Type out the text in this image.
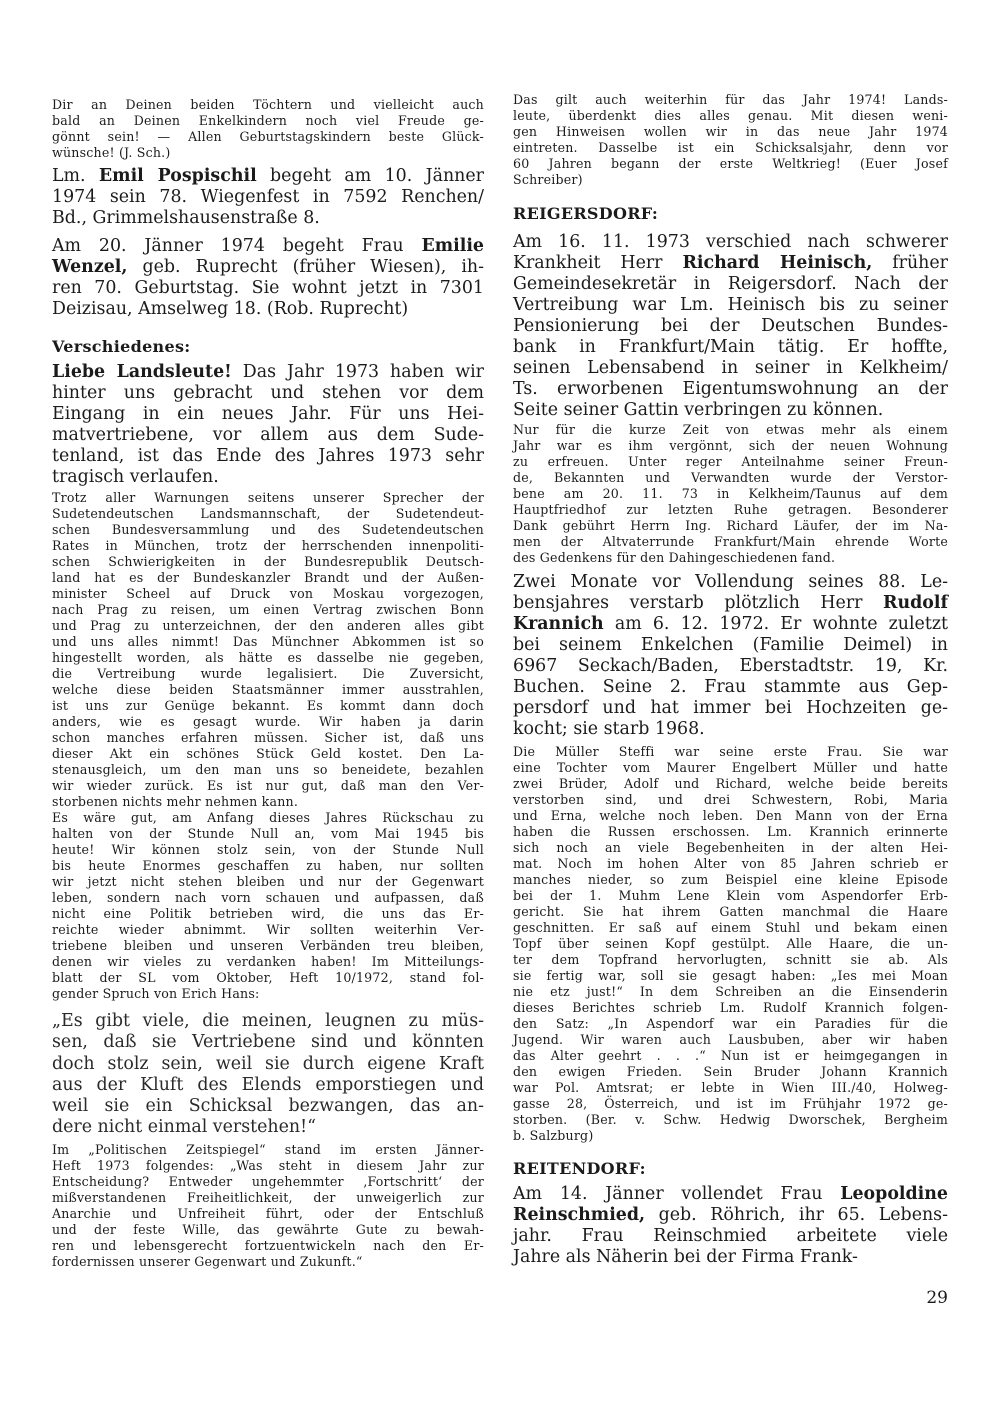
Dir an Deinen beiden Töchtern und vielleicht auch
bald an Deinen Enkelkindern noch viel Freude ge-
gönnt sein! — Allen Geburtstagskindern beste Glück-
wünsche! (J. Sch.)
Lm. Emil Pospischil begeht am 10. Jänner
1974 sein 78. Wiegenfest in 7592 Renchen/
Bd., Grimmelshausenstraße 8.
Am 20. Jänner 1974 begeht Frau Emilie
Wenzel, geb. Ruprecht (früher Wiesen), ih-
ren 70. Geburtstag. Sie wohnt jetzt in 7301
Deizisau, Amselweg 18. (Rob. Ruprecht)
Verschiedenes:
Liebe Landsleute! Das Jahr 1973 haben wir
hinter uns gebracht und stehen vor dem
Eingang in ein neues Jahr. Für uns Hei-
matvertriebene, vor allem aus dem Sude-
tenland, ist das Ende des Jahres 1973 sehr
tragisch verlaufen.
Trotz aller Warnungen seitens unserer Sprecher der
Sudetendeutschen Landsmannschaft, der Sudetendeut-
schen Bundesversammlung und des Sudetendeutschen
Rates in München, trotz der herrschenden innenpoliti-
schen Schwierigkeiten in der Bundesrepublik Deutsch-
land hat es der Bundeskanzler Brandt und der Außen-
minister Scheel auf Druck von Moskau vorgezogen,
nach Prag zu reisen, um einen Vertrag zwischen Bonn
und Prag zu unterzeichnen, der den anderen alles gibt
und uns alles nimmt! Das Münchner Abkommen ist so
hingestellt worden, als hätte es dasselbe nie gegeben,
die Vertreibung wurde legalisiert. Die Zuversicht,
welche diese beiden Staatsmänner immer ausstrahlen,
ist uns zur Genüge bekannt. Es kommt dann doch
anders, wie es gesagt wurde. Wir haben ja darin
schon manches erfahren müssen. Sicher ist, daß uns
dieser Akt ein schönes Stück Geld kostet. Den La-
stenausgleich, um den man uns so beneidete, bezahlen
wir wieder zurück. Es ist nur gut, daß man den Ver-
storbenen nichts mehr nehmen kann.
Es wäre gut, am Anfang dieses Jahres Rückschau zu
halten von der Stunde Null an, vom Mai 1945 bis
heute! Wir können stolz sein, von der Stunde Null
bis heute Enormes geschaffen zu haben, nur sollten
wir jetzt nicht stehen bleiben und nur der Gegenwart
leben, sondern nach vorn schauen und aufpassen, daß
nicht eine Politik betrieben wird, die uns das Er-
reichte wieder abnimmt. Wir sollten weiterhin Ver-
triebene bleiben und unseren Verbänden treu bleiben,
denen wir vieles zu verdanken haben! Im Mitteilungs-
blatt der SL vom Oktober, Heft 10/1972, stand fol-
gender Spruch von Erich Hans:
„Es gibt viele, die meinen, leugnen zu müs-
sen, daß sie Vertriebene sind und könnten
doch stolz sein, weil sie durch eigene Kraft
aus der Kluft des Elends emporstiegen und
weil sie ein Schicksal bezwangen, das an-
dere nicht einmal verstehen!“
Im „Politischen Zeitspiegel“ stand im ersten Jänner-
Heft 1973 folgendes: „Was steht in diesem Jahr zur
Entscheidung? Entweder ungehemmter ‚Fortschritt‘ der
mißverstandenen Freiheitlichkeit, der unweigerlich zur
Anarchie und Unfreiheit führt, oder der Entschluß
und der feste Wille, das gewährte Gute zu bewah-
ren und lebensgerecht fortzuentwickeln nach den Er-
fordernissen unserer Gegenwart und Zukunft.“
Das gilt auch weiterhin für das Jahr 1974! Lands-
leute, überdenkt dies alles genau. Mit diesen weni-
gen Hinweisen wollen wir in das neue Jahr 1974
eintreten. Dasselbe ist ein Schicksalsjahr, denn vor
60 Jahren begann der erste Weltkrieg! (Euer Josef
Schreiber)
REIGERSDORF:
Am 16. 11. 1973 verschied nach schwerer
Krankheit Herr Richard Heinisch, früher
Gemeindesekretär in Reigersdorf. Nach der
Vertreibung war Lm. Heinisch bis zu seiner
Pensionierung bei der Deutschen Bundes-
bank in Frankfurt/Main tätig. Er hoffte,
seinen Lebensabend in seiner in Kelkheim/
Ts. erworbenen Eigentumswohnung an der
Seite seiner Gattin verbringen zu können.
Nur für die kurze Zeit von etwas mehr als einem
Jahr war es ihm vergönnt, sich der neuen Wohnung
zu erfreuen. Unter reger Anteilnahme seiner Freun-
de, Bekannten und Verwandten wurde der Verstor-
bene am 20. 11. 73 in Kelkheim/Taunus auf dem
Hauptfriedhof zur letzten Ruhe getragen. Besonderer
Dank gebührt Herrn Ing. Richard Läufer, der im Na-
men der Altvaterrunde Frankfurt/Main ehrende Worte
des Gedenkens für den Dahingeschiedenen fand.
Zwei Monate vor Vollendung seines 88. Le-
bensjahres verstarb plötzlich Herr Rudolf
Krannich am 6. 12. 1972. Er wohnte zuletzt
bei seinem Enkelchen (Familie Deimel) in
6967 Seckach/Baden, Eberstadtstr. 19, Kr.
Buchen. Seine 2. Frau stammte aus Gep-
persdorf und hat immer bei Hochzeiten ge-
kocht; sie starb 1968.
Die Müller Steffi war seine erste Frau. Sie war
eine Tochter vom Maurer Engelbert Müller und hatte
zwei Brüder, Adolf und Richard, welche beide bereits
verstorben sind, und drei Schwestern, Robi, Maria
und Erna, welche noch leben. Den Mann von der Erna
haben die Russen erschossen. Lm. Krannich erinnerte
sich noch an viele Begebenheiten in der alten Hei-
mat. Noch im hohen Alter von 85 Jahren schrieb er
manches nieder, so zum Beispiel eine kleine Episode
bei der 1. Muhm Lene Klein vom Aspendorfer Erb-
gericht. Sie hat ihrem Gatten manchmal die Haare
geschnitten. Er saß auf einem Stuhl und bekam einen
Topf über seinen Kopf gestülpt. Alle Haare, die un-
ter dem Topfrand hervorlugten, schnitt sie ab. Als
sie fertig war, soll sie gesagt haben: „Ies mei Moan
nie etz just!“ In dem Schreiben an die Einsenderin
dieses Berichtes schrieb Lm. Rudolf Krannich folgen-
den Satz: „In Aspendorf war ein Paradies für die
Jugend. Wir waren auch Lausbuben, aber wir haben
das Alter geehrt . . .“ Nun ist er heimgegangen in
den ewigen Frieden. Sein Bruder Johann Krannich
war Pol. Amtsrat; er lebte in Wien III./40, Holweg-
gasse 28, Österreich, und ist im Frühjahr 1972 ge-
storben. (Ber. v. Schw. Hedwig Dworschek, Bergheim
b. Salzburg)
REITENDORF:
Am 14. Jänner vollendet Frau Leopoldine
Reinschmied, geb. Röhrich, ihr 65. Lebens-
jahr. Frau Reinschmied arbeitete viele
Jahre als Näherin bei der Firma Frank-
29
